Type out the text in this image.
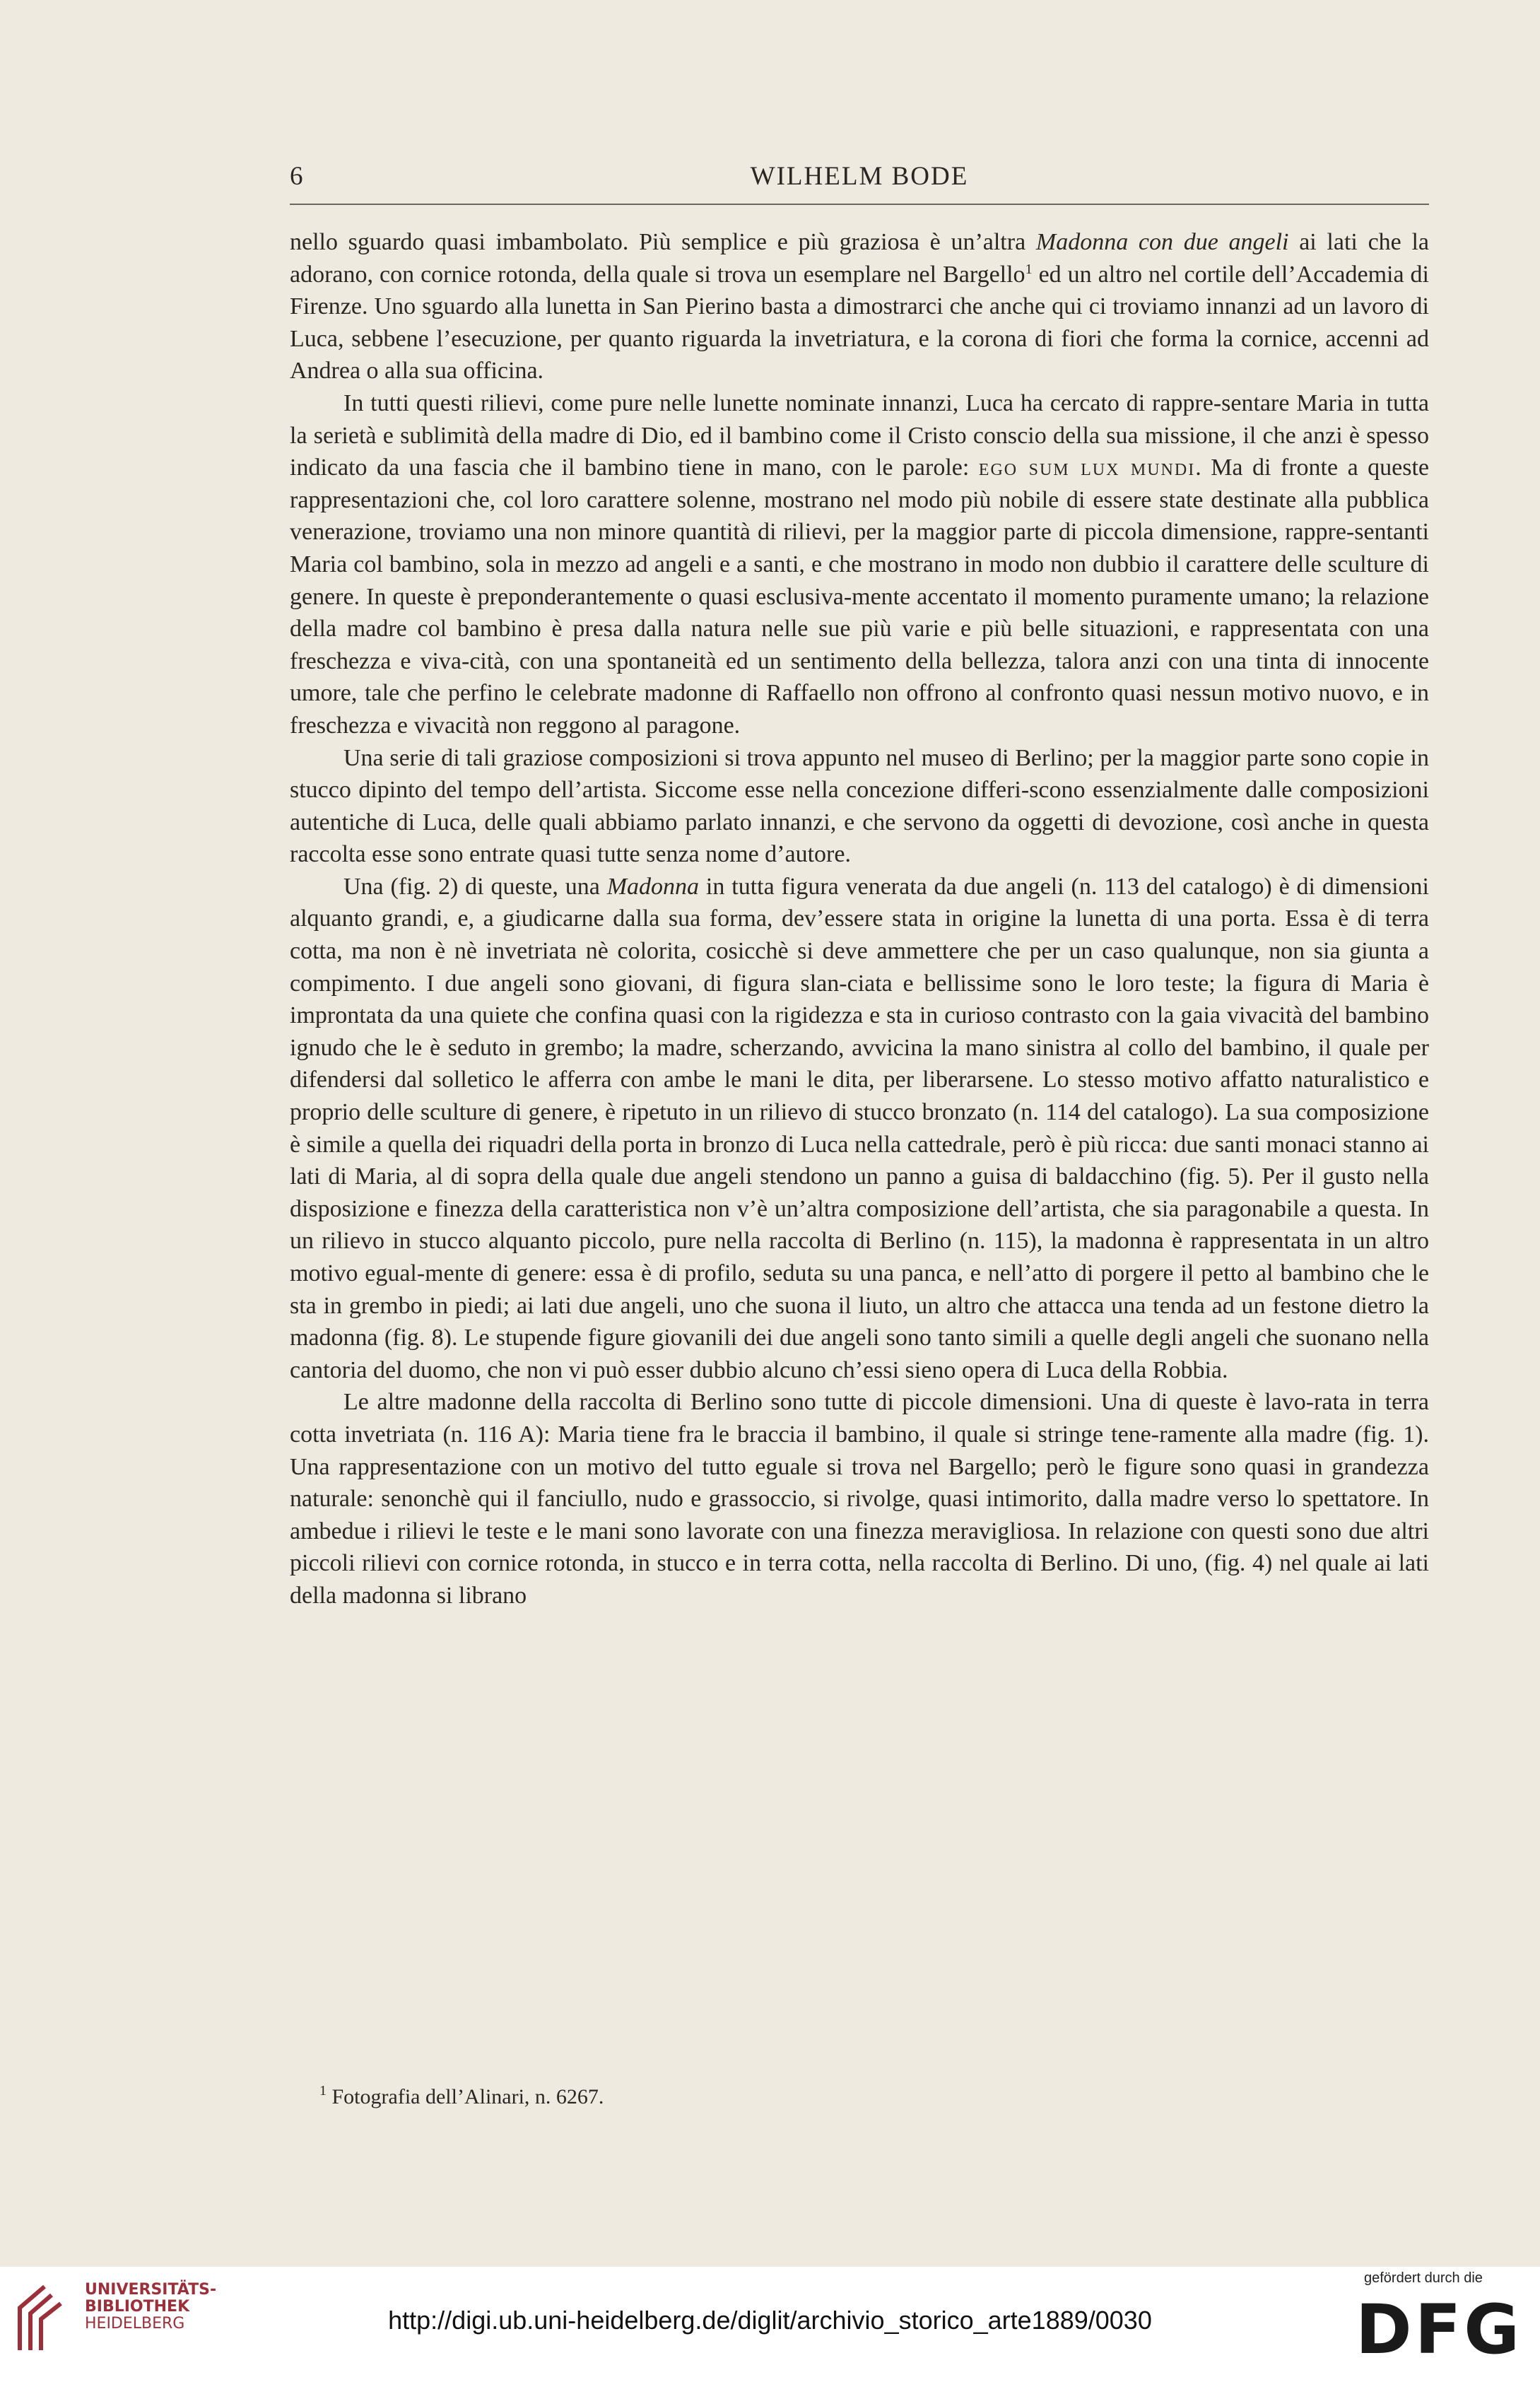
6	WILHELM BODE

nello sguardo quasi imbambolato. Più semplice e più graziosa è un’altra Madonna con due angeli ai lati che la adorano, con cornice rotonda, della quale si trova un esemplare nel Bargello$^1$ ed un altro nel cortile dell’Accademia di Firenze. Uno sguardo alla lunetta in San Pierino basta a dimostrarci che anche qui ci troviamo innanzi ad un lavoro di Luca, sebbene l’esecuzione, per quanto riguarda la invetriatura, e la corona di fiori che forma la cornice, accenni ad Andrea o alla sua officina.

In tutti questi rilievi, come pure nelle lunette nominate innanzi, Luca ha cercato di rappre-sentare Maria in tutta la serietà e sublimità della madre di Dio, ed il bambino come il Cristo conscio della sua missione, il che anzi è spesso indicato da una fascia che il bambino tiene in mano, con le parole: ego sum lux mundi. Ma di fronte a queste rappresentazioni che, col loro carattere solenne, mostrano nel modo più nobile di essere state destinate alla pubblica venerazione, troviamo una non minore quantità di rilievi, per la maggior parte di piccola dimensione, rappre-sentanti Maria col bambino, sola in mezzo ad angeli e a santi, e che mostrano in modo non dubbio il carattere delle sculture di genere. In queste è preponderantemente o quasi esclusiva-mente accentato il momento puramente umano; la relazione della madre col bambino è presa dalla natura nelle sue più varie e più belle situazioni, e rappresentata con una freschezza e viva-cità, con una spontaneità ed un sentimento della bellezza, talora anzi con una tinta di innocente umore, tale che perfino le celebrate madonne di Raffaello non offrono al confronto quasi nessun motivo nuovo, e in freschezza e vivacità non reggono al paragone.

Una serie di tali graziose composizioni si trova appunto nel museo di Berlino; per la maggior parte sono copie in stucco dipinto del tempo dell’artista. Siccome esse nella concezione differi-scono essenzialmente dalle composizioni autentiche di Luca, delle quali abbiamo parlato innanzi, e che servono da oggetti di devozione, così anche in questa raccolta esse sono entrate quasi tutte senza nome d’autore.

Una (fig. 2) di queste, una Madonna in tutta figura venerata da due angeli (n. 113 del catalogo) è di dimensioni alquanto grandi, e, a giudicarne dalla sua forma, dev’essere stata in origine la lunetta di una porta. Essa è di terra cotta, ma non è nè invetriata nè colorita, cosicchè si deve ammettere che per un caso qualunque, non sia giunta a compimento. I due angeli sono giovani, di figura slan-ciata e bellissime sono le loro teste; la figura di Maria è improntata da una quiete che confina quasi con la rigidezza e sta in curioso contrasto con la gaia vivacità del bambino ignudo che le è seduto in grembo; la madre, scherzando, avvicina la mano sinistra al collo del bambino, il quale per difendersi dal solletico le afferra con ambe le mani le dita, per liberarsene. Lo stesso motivo affatto naturalistico e proprio delle sculture di genere, è ripetuto in un rilievo di stucco bronzato (n. 114 del catalogo). La sua composizione è simile a quella dei riquadri della porta in bronzo di Luca nella cattedrale, però è più ricca: due santi monaci stanno ai lati di Maria, al di sopra della quale due angeli stendono un panno a guisa di baldacchino (fig. 5). Per il gusto nella disposizione e finezza della caratteristica non v’è un’altra composizione dell’artista, che sia paragonabile a questa. In un rilievo in stucco alquanto piccolo, pure nella raccolta di Berlino (n. 115), la madonna è rappresentata in un altro motivo egual-mente di genere: essa è di profilo, seduta su una panca, e nell’atto di porgere il petto al bambino che le sta in grembo in piedi; ai lati due angeli, uno che suona il liuto, un altro che attacca una tenda ad un festone dietro la madonna (fig. 8). Le stupende figure giovanili dei due angeli sono tanto simili a quelle degli angeli che suonano nella cantoria del duomo, che non vi può esser dubbio alcuno ch’essi sieno opera di Luca della Robbia.

Le altre madonne della raccolta di Berlino sono tutte di piccole dimensioni. Una di queste è lavo-rata in terra cotta invetriata (n. 116 A): Maria tiene fra le braccia il bambino, il quale si stringe tene-ramente alla madre (fig. 1). Una rappresentazione con un motivo del tutto eguale si trova nel Bargello; però le figure sono quasi in grandezza naturale: senonchè qui il fanciullo, nudo e grassoccio, si rivolge, quasi intimorito, dalla madre verso lo spettatore. In ambedue i rilievi le teste e le mani sono lavorate con una finezza meravigliosa. In relazione con questi sono due altri piccoli rilievi con cornice rotonda, in stucco e in terra cotta, nella raccolta di Berlino. Di uno, (fig. 4) nel quale ai lati della madonna si librano

$^1$ Fotografia dell’Alinari, n. 6267.
UNIVERSITÄTS-
BIBLIOTHEK
HEIDELBERG	http://digi.ub.uni-heidelberg.de/diglit/archivio_storico_arte1889/0030
gefördert durch die
DFG
